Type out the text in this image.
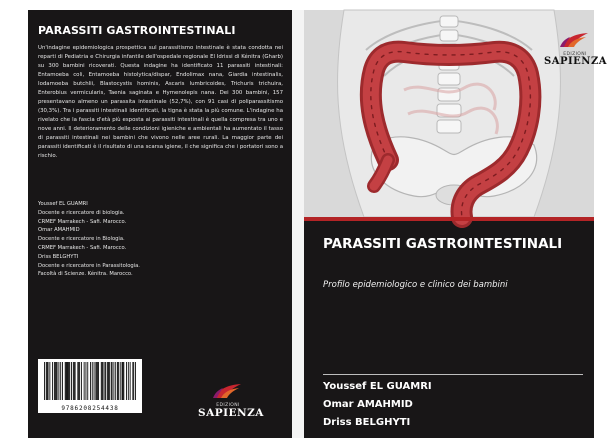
PARASSITI GASTROINTESTINALI
Un'indagine epidemiologica prospettica sul parassitismo intestinale è stata condotta nei reparti di Pediatria e Chirurgia infantile dell'ospedale regionale El Idrissi di Kénitra (Gharb) su 300 bambini ricoverati. Questa indagine ha identificato 11 parassiti intestinali: Entamoeba coli, Entamoeba histolytica/dispar, Endolimax nana, Giardia intestinalis, Iodamoeba butchlii, Blastocystis hominis, Ascaris lumbricoides, Trichuris trichuira, Enterobius vermicularis, Taenia saginata e Hymenolepis nana. Dei 300 bambini, 157 presentavano almeno un parassita intestinale (52,7%), con 91 casi di poliparassitismo (30,3%). Tra i parassiti intestinali identificati, la tigna è stata la più comune. L'indagine ha rivelato che la fascia d'età più esposta ai parassiti intestinali è quella compresa tra uno e nove anni. Il deterioramento delle condizioni igieniche e ambientali ha aumentato il tasso di parassiti intestinali nei bambini che vivono nelle aree rurali. La maggior parte dei parassiti identificati è il risultato di una scarsa igiene, il che significa che i portatori sono a rischio.
Youssef EL GUAMRI
Docente e ricercatore di biologia.
CRMEF Marrakech - Safi. Marocco.
Omar AMAHMID
Docente e ricercatore in Biologia.
CRMEF Marrakech - Safi. Marocco.
Driss BELGHYTI
Docente e ricercatore in Parassitologia.
Facoltà di Scienze. Kénitra. Marocco.
9786208254438	EDIZIONI
SAPIENZA
EDIZIONI
SAPIENZA
PARASSITI GASTROINTESTINALI
Profilo epidemiologico e clinico dei bambini
Youssef EL GUAMRI
Omar AMAHMID
Driss BELGHYTI
